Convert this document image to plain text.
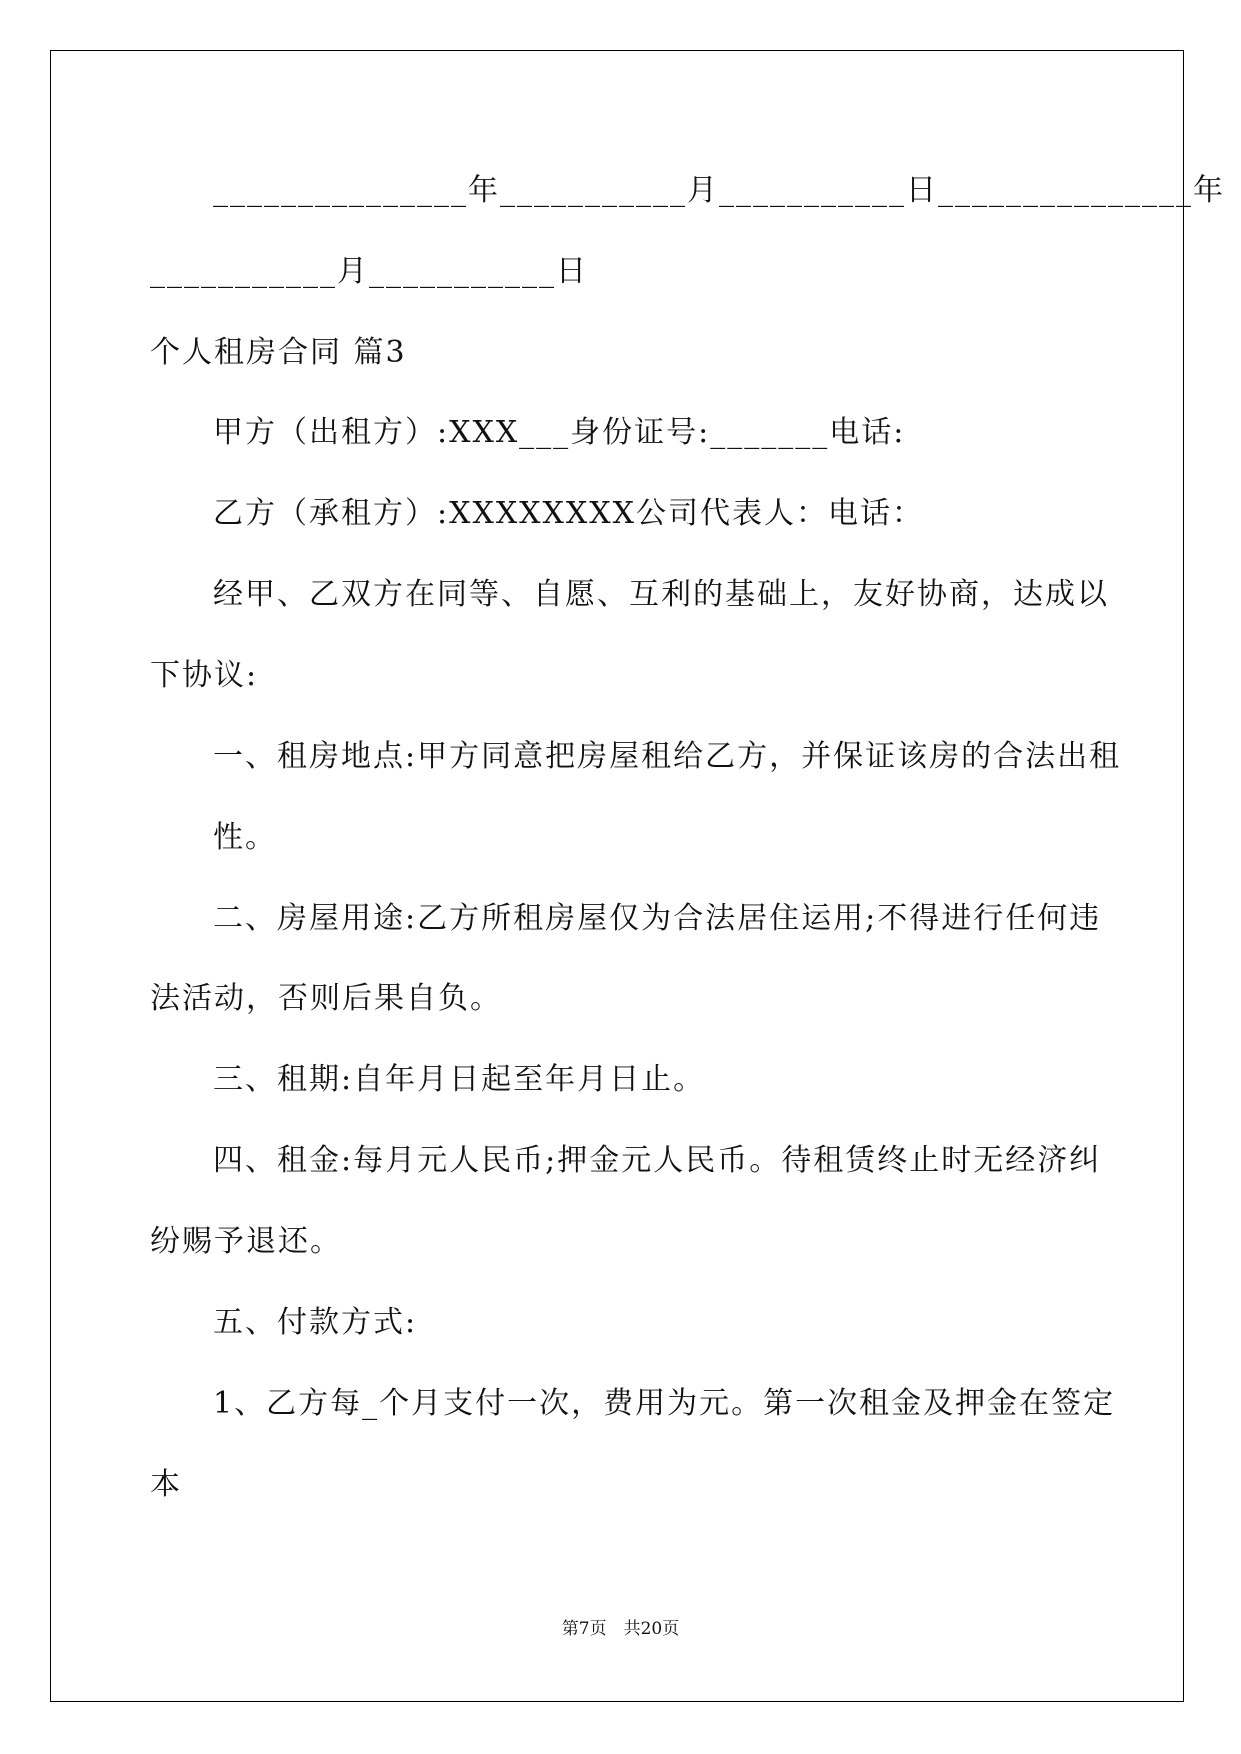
_______________年___________月___________日_______________年
___________月___________日
个人租房合同 篇3
甲方（出租方）:XXX___身份证号:_______电话:
乙方（承租方）:XXXXXXXX公司代表人：电话：
经甲、乙双方在同等、自愿、互利的基础上，友好协商，达成以
下协议:
一、租房地点:甲方同意把房屋租给乙方，并保证该房的合法出租
性。
二、房屋用途:乙方所租房屋仅为合法居住运用;不得进行任何违
法活动，否则后果自负。
三、租期:自年月日起至年月日止。
四、租金:每月元人民币;押金元人民币。待租赁终止时无经济纠
纷赐予退还。
五、付款方式:
1、乙方每_个月支付一次，费用为元。第一次租金及押金在签定
本
第7页　共20页
